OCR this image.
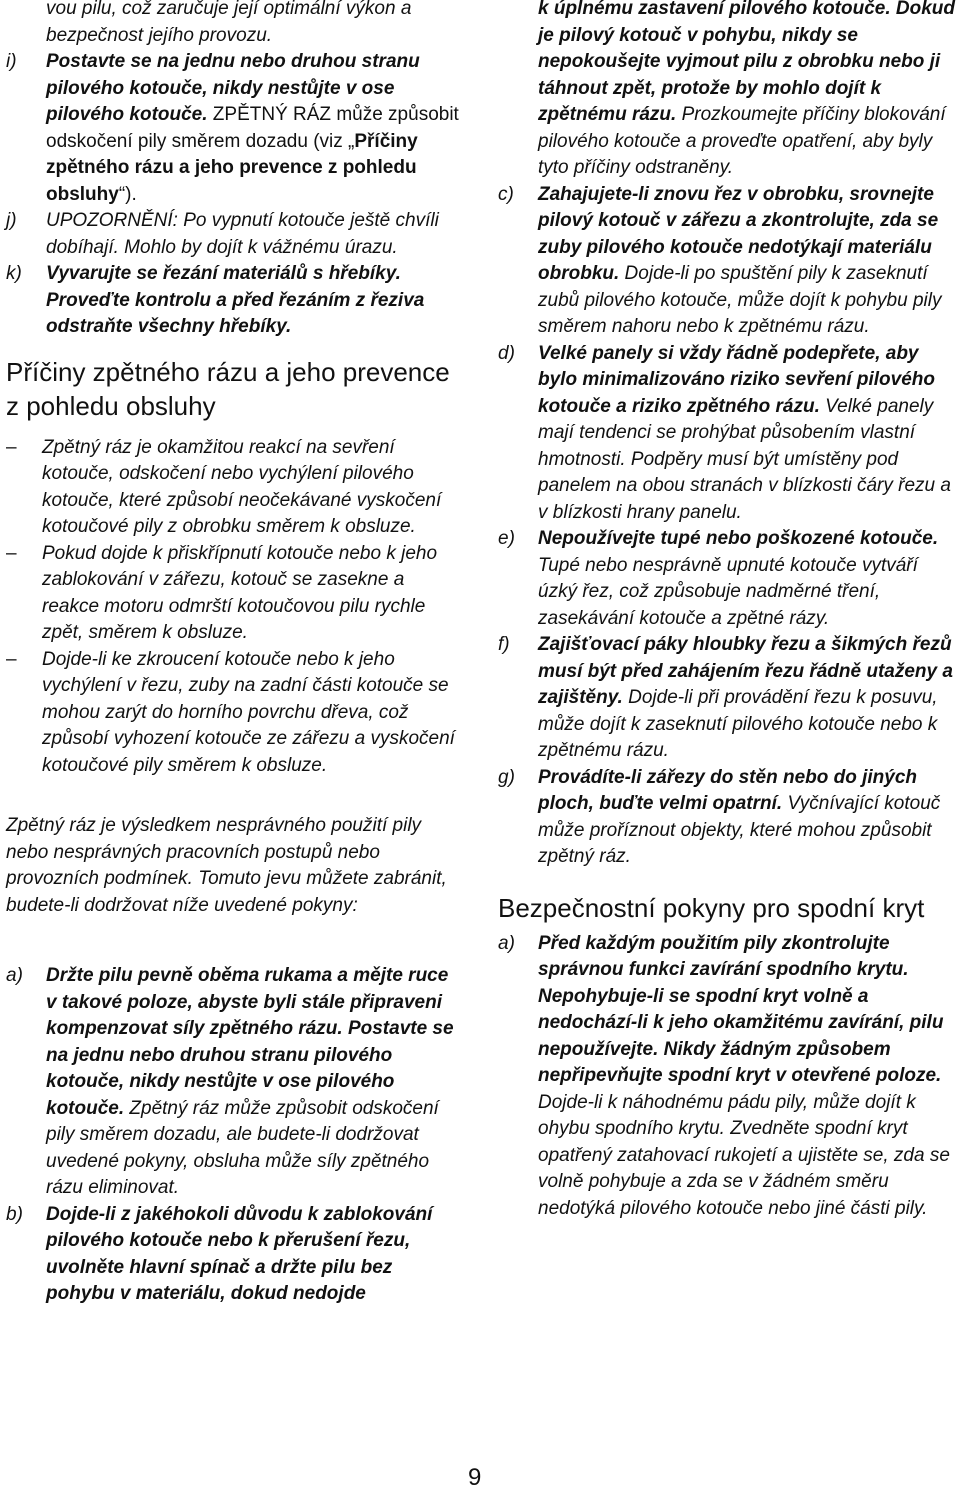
vou pilu, což zaručuje její optimální výkon a bezpečnost jejího provozu.

i) Postavte se na jednu nebo druhou stranu pilového kotouče, nikdy nestůjte v ose pilového kotouče. ZPĚTNÝ RÁZ může způsobit odskočení pily směrem dozadu (viz „Příčiny zpětného rázu a jeho prevence z pohledu obsluhy“).

j) UPOZORNĚNÍ: Po vypnutí kotouče ještě chvíli dobíhají. Mohlo by dojít k vážnému úrazu.

k) Vyvarujte se řezání materiálů s hřebíky. Proveďte kontrolu a před řezáním z řeziva odstraňte všechny hřebíky.

Příčiny zpětného rázu a jeho prevence z pohledu obsluhy
– Zpětný ráz je okamžitou reakcí na sevření kotouče, odskočení nebo vychýlení pilového kotouče, které způsobí neočekávané vyskočení kotoučové pily z obrobku směrem k obsluze.

– Pokud dojde k přiskřípnutí kotouče nebo k jeho zablokování v zářezu, kotouč se zasekne a reakce motoru odmrští kotoučovou pilu rychle zpět, směrem k obsluze.

– Dojde-li ke zkroucení kotouče nebo k jeho vychýlení v řezu, zuby na zadní části kotouče se mohou zarýt do horního povrchu dřeva, což způsobí vyhození kotouče ze zářezu a vyskočení kotoučové pily směrem k obsluze.

Zpětný ráz je výsledkem nesprávného použití pily nebo nesprávných pracovních postupů nebo provozních podmínek. Tomuto jevu můžete zabránit, budete-li dodržovat níže uvedené pokyny:

a) Držte pilu pevně oběma rukama a mějte ruce v takové poloze, abyste byli stále připraveni kompenzovat síly zpětného rázu. Postavte se na jednu nebo druhou stranu pilového kotouče, nikdy nestůjte v ose pilového kotouče. Zpětný ráz může způsobit odskočení pily směrem dozadu, ale budete-li dodržovat uvedené pokyny, obsluha může síly zpětného rázu eliminovat.

b) Dojde-li z jakéhokoli důvodu k zablokování pilového kotouče nebo k přerušení řezu, uvolněte hlavní spínač a držte pilu bez pohybu v materiálu, dokud nedojde

k úplnému zastavení pilového kotouče. Dokud je pilový kotouč v pohybu, nikdy se nepokoušejte vyjmout pilu z obrobku nebo ji táhnout zpět, protože by mohlo dojít k zpětnému rázu. Prozkoumejte příčiny blokování pilového kotouče a proveďte opatření, aby byly tyto příčiny odstraněny.

c) Zahajujete-li znovu řez v obrobku, srovnejte pilový kotouč v zářezu a zkontrolujte, zda se zuby pilového kotouče nedotýkají materiálu obrobku. Dojde-li po spuštění pily k zaseknutí zubů pilového kotouče, může dojít k pohybu pily směrem nahoru nebo k zpětnému rázu.

d) Velké panely si vždy řádně podepřete, aby bylo minimalizováno riziko sevření pilového kotouče a riziko zpětného rázu. Velké panely mají tendenci se prohýbat působením vlastní hmotnosti. Podpěry musí být umístěny pod panelem na obou stranách v blízkosti čáry řezu a v blízkosti hrany panelu.

e) Nepoužívejte tupé nebo poškozené kotouče. Tupé nebo nesprávně upnuté kotouče vytváří úzký řez, což způsobuje nadměrné tření, zasekávání kotouče a zpětné rázy.

f) Zajišťovací páky hloubky řezu a šikmých řezů musí být před zahájením řezu řádně utaženy a zajištěny. Dojde-li při provádění řezu k posuvu, může dojít k zaseknutí pilového kotouče nebo k zpětnému rázu.

g) Provádíte-li zářezy do stěn nebo do jiných ploch, buďte velmi opatrní. Vyčnívající kotouč může proříznout objekty, které mohou způsobit zpětný ráz.

Bezpečnostní pokyny pro spodní kryt
a) Před každým použitím pily zkontrolujte správnou funkci zavírání spodního krytu. Nepohybuje-li se spodní kryt volně a nedochází-li k jeho okamžitému zavírání, pilu nepoužívejte. Nikdy žádným způsobem nepřipevňujte spodní kryt v otevřené poloze. Dojde-li k náhodnému pádu pily, může dojít k ohybu spodního krytu. Zvedněte spodní kryt opatřený zatahovací rukojetí a ujistěte se, zda se volně pohybuje a zda se v žádném směru nedotýká pilového kotouče nebo jiné části pily.

9
